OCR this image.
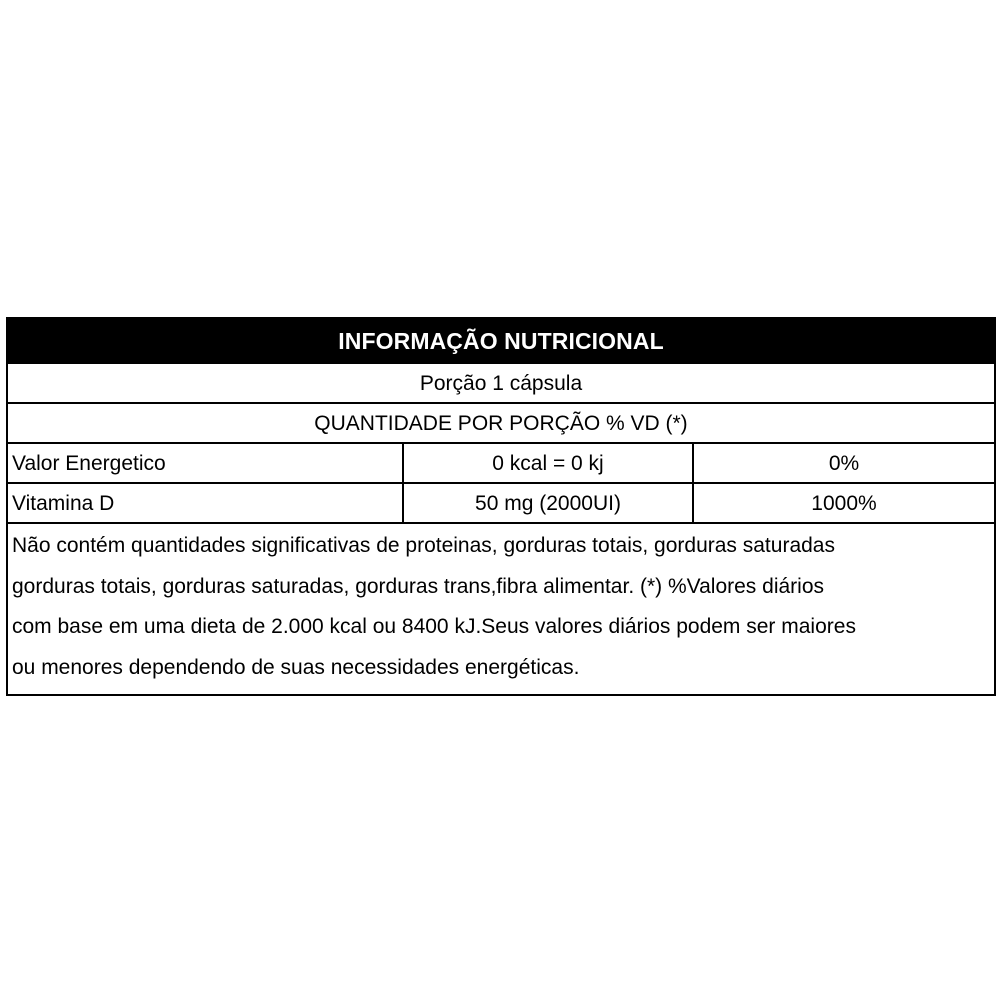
INFORMAÇÃO NUTRICIONAL
Porção 1 cápsula
QUANTIDADE POR PORÇÃO % VD (*)
Valor Energetico	0 kcal = 0 kj	0%
Vitamina D	50 mg (2000UI)	1000%
Não contém quantidades significativas de proteinas, gorduras totais, gorduras saturadas
gorduras totais, gorduras saturadas, gorduras trans,fibra alimentar. (*) %Valores diários
com base em uma dieta de 2.000 kcal ou 8400 kJ.Seus valores diários podem ser maiores
ou menores dependendo de suas necessidades energéticas.
